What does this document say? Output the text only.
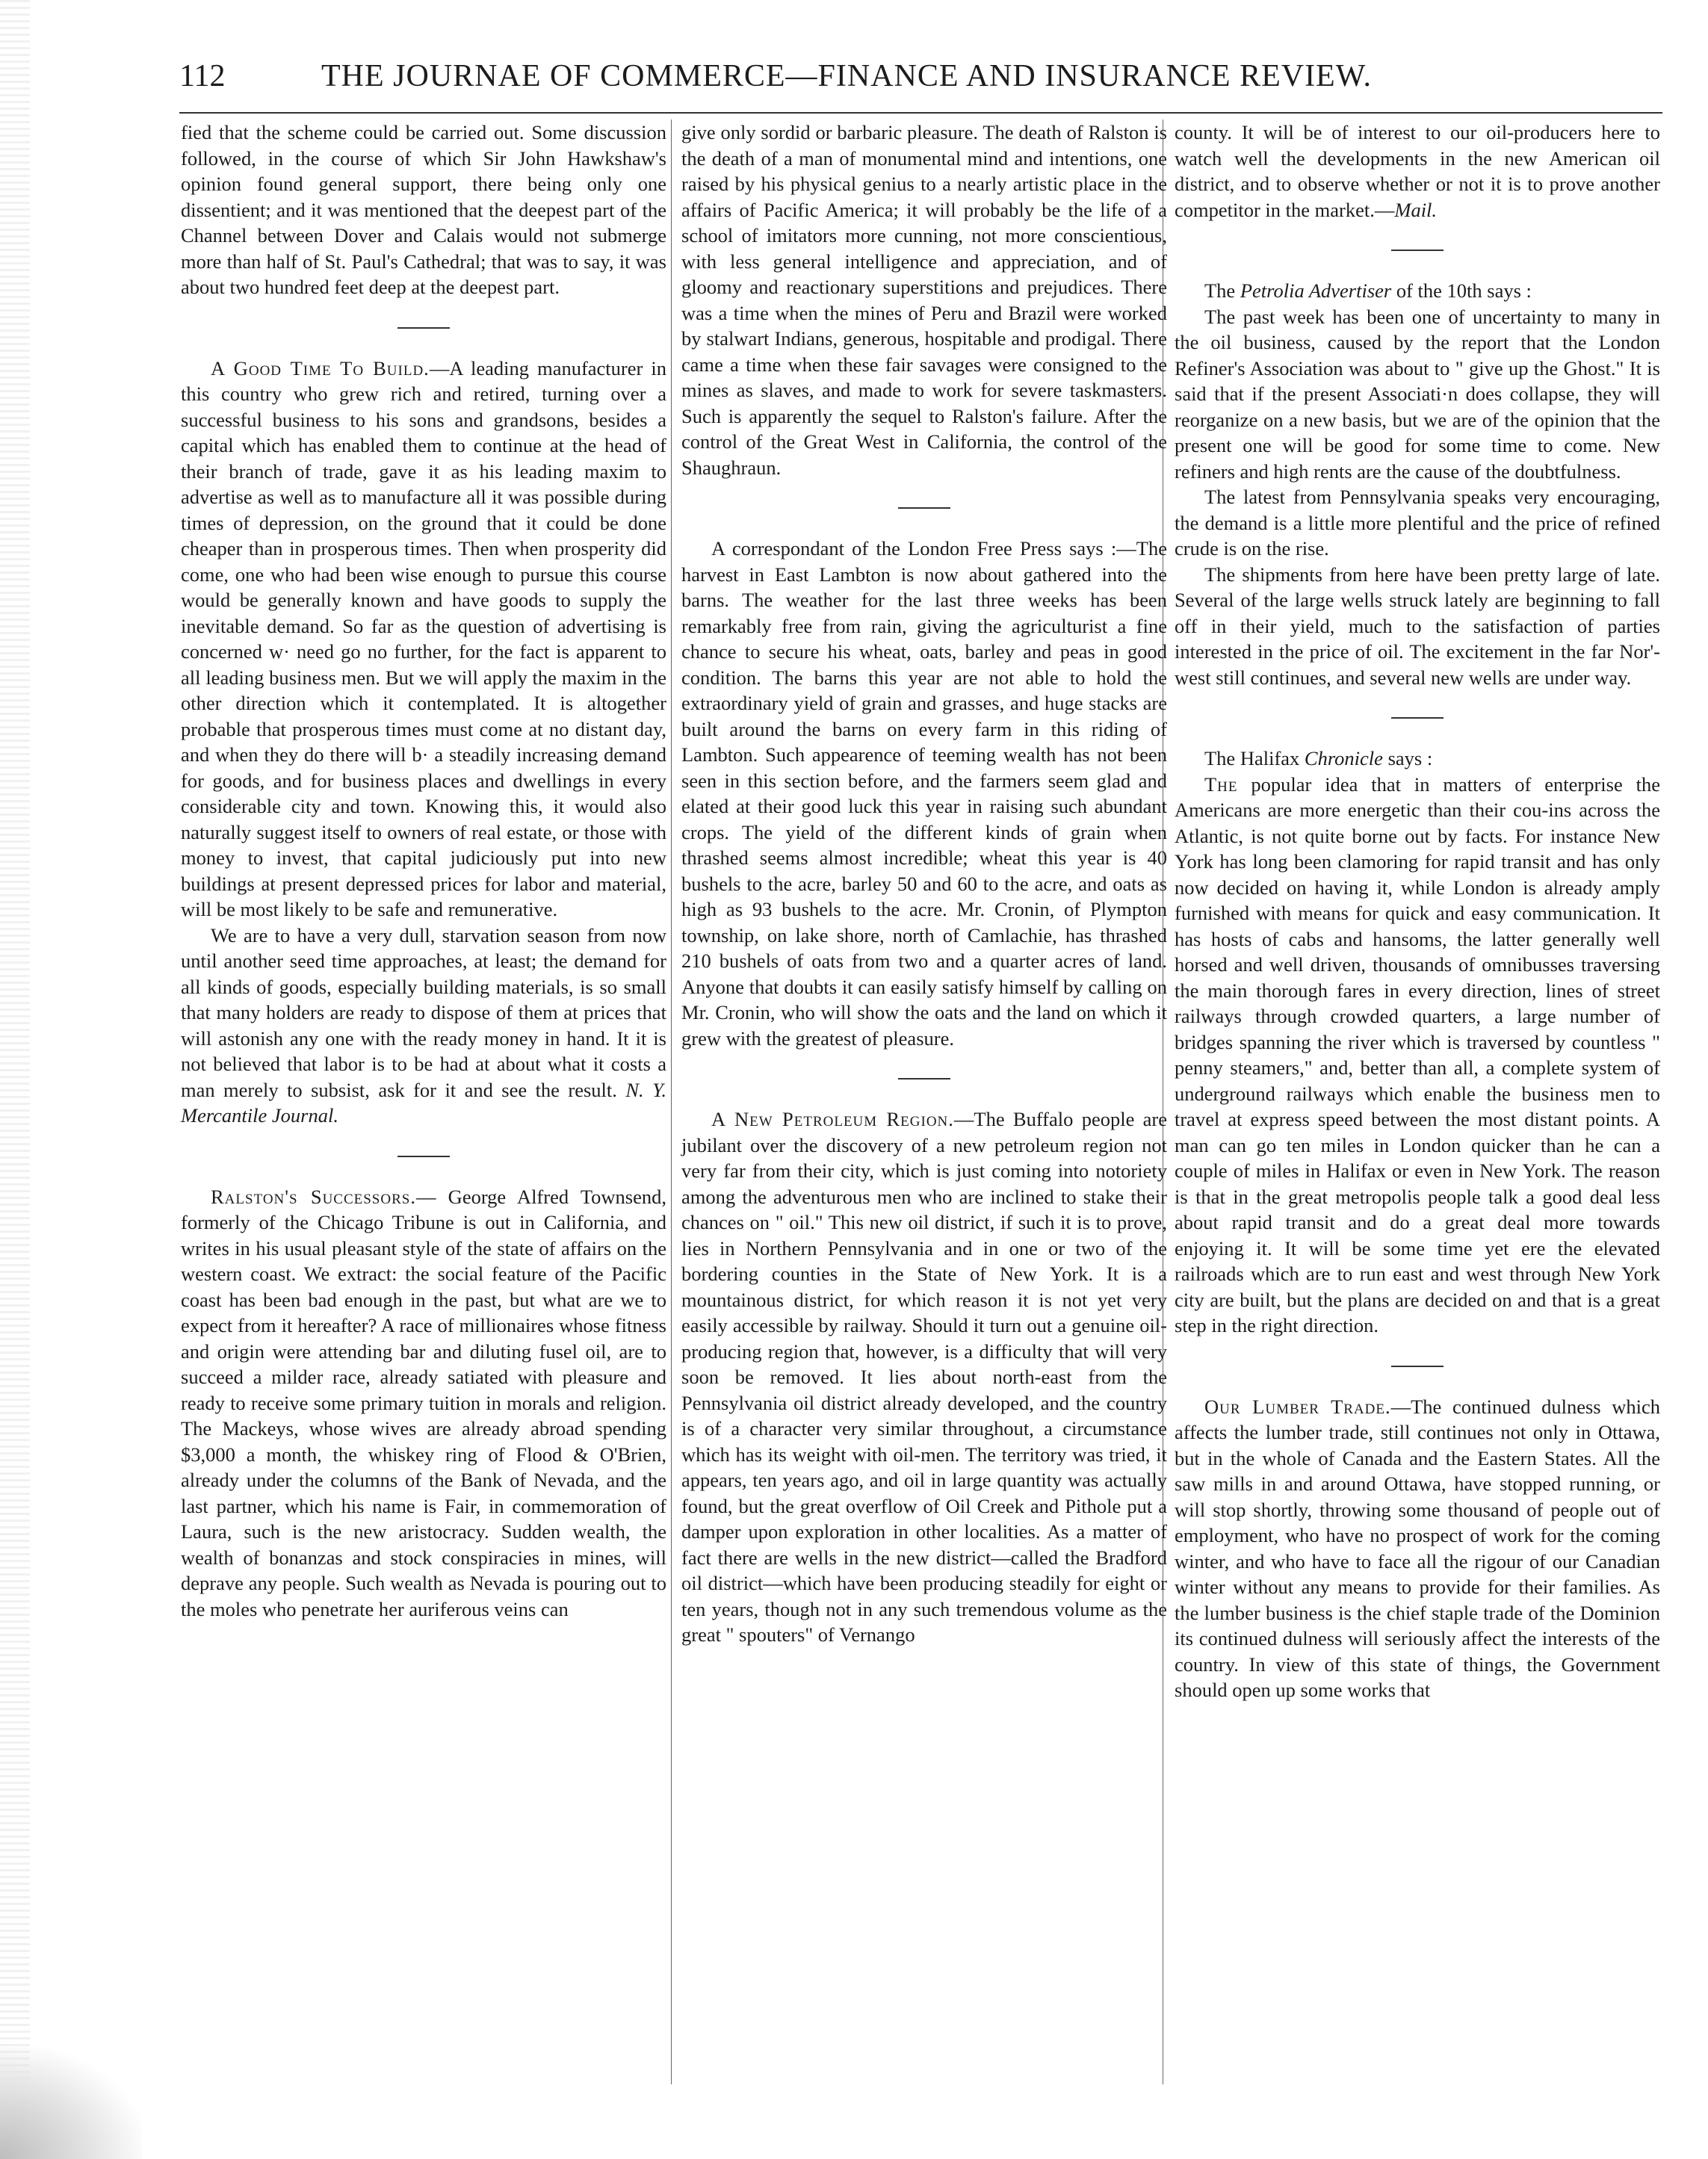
112	THE JOURNAE OF COMMERCE—FINANCE AND INSURANCE REVIEW.

fied that the scheme could be carried out. Some discussion followed, in the course of which Sir John Hawkshaw's opinion found general support, there being only one dissentient; and it was mentioned that the deepest part of the Channel between Dover and Calais would not submerge more than half of St. Paul's Cathedral; that was to say, it was about two hundred feet deep at the deepest part.

A Good Time To Build.—A leading manufacturer in this country who grew rich and retired, turning over a successful business to his sons and grandsons, besides a capital which has enabled them to continue at the head of their branch of trade, gave it as his leading maxim to advertise as well as to manufacture all it was possible during times of depression, on the ground that it could be done cheaper than in prosperous times. Then when prosperity did come, one who had been wise enough to pursue this course would be generally known and have goods to supply the inevitable demand. So far as the question of advertising is concerned w· need go no further, for the fact is apparent to all leading business men. But we will apply the maxim in the other direction which it contemplated. It is altogether probable that prosperous times must come at no distant day, and when they do there will b· a steadily increasing demand for goods, and for business places and dwellings in every considerable city and town. Knowing this, it would also naturally suggest itself to owners of real estate, or those with money to invest, that capital judiciously put into new buildings at present depressed prices for labor and material, will be most likely to be safe and remunerative.

We are to have a very dull, starvation season from now until another seed time approaches, at least; the demand for all kinds of goods, especially building materials, is so small that many holders are ready to dispose of them at prices that will astonish any one with the ready money in hand. It it is not believed that labor is to be had at about what it costs a man merely to subsist, ask for it and see the result. N. Y. Mercantile Journal.

Ralston's Successors.— George Alfred Townsend, formerly of the Chicago Tribune is out in California, and writes in his usual pleasant style of the state of affairs on the western coast. We extract: the social feature of the Pacific coast has been bad enough in the past, but what are we to expect from it hereafter? A race of millionaires whose fitness and origin were attending bar and diluting fusel oil, are to succeed a milder race, already satiated with pleasure and ready to receive some primary tuition in morals and religion. The Mackeys, whose wives are already abroad spending $3,000 a month, the whiskey ring of Flood & O'Brien, already under the columns of the Bank of Nevada, and the last partner, which his name is Fair, in commemoration of Laura, such is the new aristocracy. Sudden wealth, the wealth of bonanzas and stock conspiracies in mines, will deprave any people. Such wealth as Nevada is pouring out to the moles who penetrate her auriferous veins can

give only sordid or barbaric pleasure. The death of Ralston is the death of a man of monumental mind and intentions, one raised by his physical genius to a nearly artistic place in the affairs of Pacific America; it will probably be the life of a school of imitators more cunning, not more conscientious, with less general intelligence and appreciation, and of gloomy and reactionary superstitions and prejudices. There was a time when the mines of Peru and Brazil were worked by stalwart Indians, generous, hospitable and prodigal. There came a time when these fair savages were consigned to the mines as slaves, and made to work for severe taskmasters. Such is apparently the sequel to Ralston's failure. After the control of the Great West in California, the control of the Shaughraun.

A correspondant of the London Free Press says :—The harvest in East Lambton is now about gathered into the barns. The weather for the last three weeks has been remarkably free from rain, giving the agriculturist a fine chance to secure his wheat, oats, barley and peas in good condition. The barns this year are not able to hold the extraordinary yield of grain and grasses, and huge stacks are built around the barns on every farm in this riding of Lambton. Such appearence of teeming wealth has not been seen in this section before, and the farmers seem glad and elated at their good luck this year in raising such abundant crops. The yield of the different kinds of grain when thrashed seems almost incredible; wheat this year is 40 bushels to the acre, barley 50 and 60 to the acre, and oats as high as 93 bushels to the acre. Mr. Cronin, of Plympton township, on lake shore, north of Camlachie, has thrashed 210 bushels of oats from two and a quarter acres of land. Anyone that doubts it can easily satisfy himself by calling on Mr. Cronin, who will show the oats and the land on which it grew with the greatest of pleasure.

A New Petroleum Region.—The Buffalo people are jubilant over the discovery of a new petroleum region not very far from their city, which is just coming into notoriety among the adventurous men who are inclined to stake their chances on " oil." This new oil district, if such it is to prove, lies in Northern Pennsylvania and in one or two of the bordering counties in the State of New York. It is a mountainous district, for which reason it is not yet very easily accessible by railway. Should it turn out a genuine oil-producing region that, however, is a difficulty that will very soon be removed. It lies about north-east from the Pennsylvania oil district already developed, and the country is of a character very similar throughout, a circumstance which has its weight with oil-men. The territory was tried, it appears, ten years ago, and oil in large quantity was actually found, but the great overflow of Oil Creek and Pithole put a damper upon exploration in other localities. As a matter of fact there are wells in the new district—called the Bradford oil district—which have been producing steadily for eight or ten years, though not in any such tremendous volume as the great " spouters" of Vernango

county. It will be of interest to our oil-producers here to watch well the developments in the new American oil district, and to observe whether or not it is to prove another competitor in the market.—Mail.

The Petrolia Advertiser of the 10th says :

The past week has been one of uncertainty to many in the oil business, caused by the report that the London Refiner's Association was about to " give up the Ghost." It is said that if the present Associati·n does collapse, they will reorganize on a new basis, but we are of the opinion that the present one will be good for some time to come. New refiners and high rents are the cause of the doubtfulness.

The latest from Pennsylvania speaks very encouraging, the demand is a little more plentiful and the price of refined crude is on the rise.

The shipments from here have been pretty large of late. Several of the large wells struck lately are beginning to fall off in their yield, much to the satisfaction of parties interested in the price of oil. The excitement in the far Nor'-west still continues, and several new wells are under way.

The Halifax Chronicle says :

The popular idea that in matters of enterprise the Americans are more energetic than their cou-ins across the Atlantic, is not quite borne out by facts. For instance New York has long been clamoring for rapid transit and has only now decided on having it, while London is already amply furnished with means for quick and easy communication. It has hosts of cabs and hansoms, the latter generally well horsed and well driven, thousands of omnibusses traversing the main thorough fares in every direction, lines of street railways through crowded quarters, a large number of bridges spanning the river which is traversed by countless " penny steamers," and, better than all, a complete system of underground railways which enable the business men to travel at express speed between the most distant points. A man can go ten miles in London quicker than he can a couple of miles in Halifax or even in New York. The reason is that in the great metropolis people talk a good deal less about rapid transit and do a great deal more towards enjoying it. It will be some time yet ere the elevated railroads which are to run east and west through New York city are built, but the plans are decided on and that is a great step in the right direction.

Our Lumber Trade.—The continued dulness which affects the lumber trade, still continues not only in Ottawa, but in the whole of Canada and the Eastern States. All the saw mills in and around Ottawa, have stopped running, or will stop shortly, throwing some thousand of people out of employment, who have no prospect of work for the coming winter, and who have to face all the rigour of our Canadian winter without any means to provide for their families. As the lumber business is the chief staple trade of the Dominion its continued dulness will seriously affect the interests of the country. In view of this state of things, the Government should open up some works that
